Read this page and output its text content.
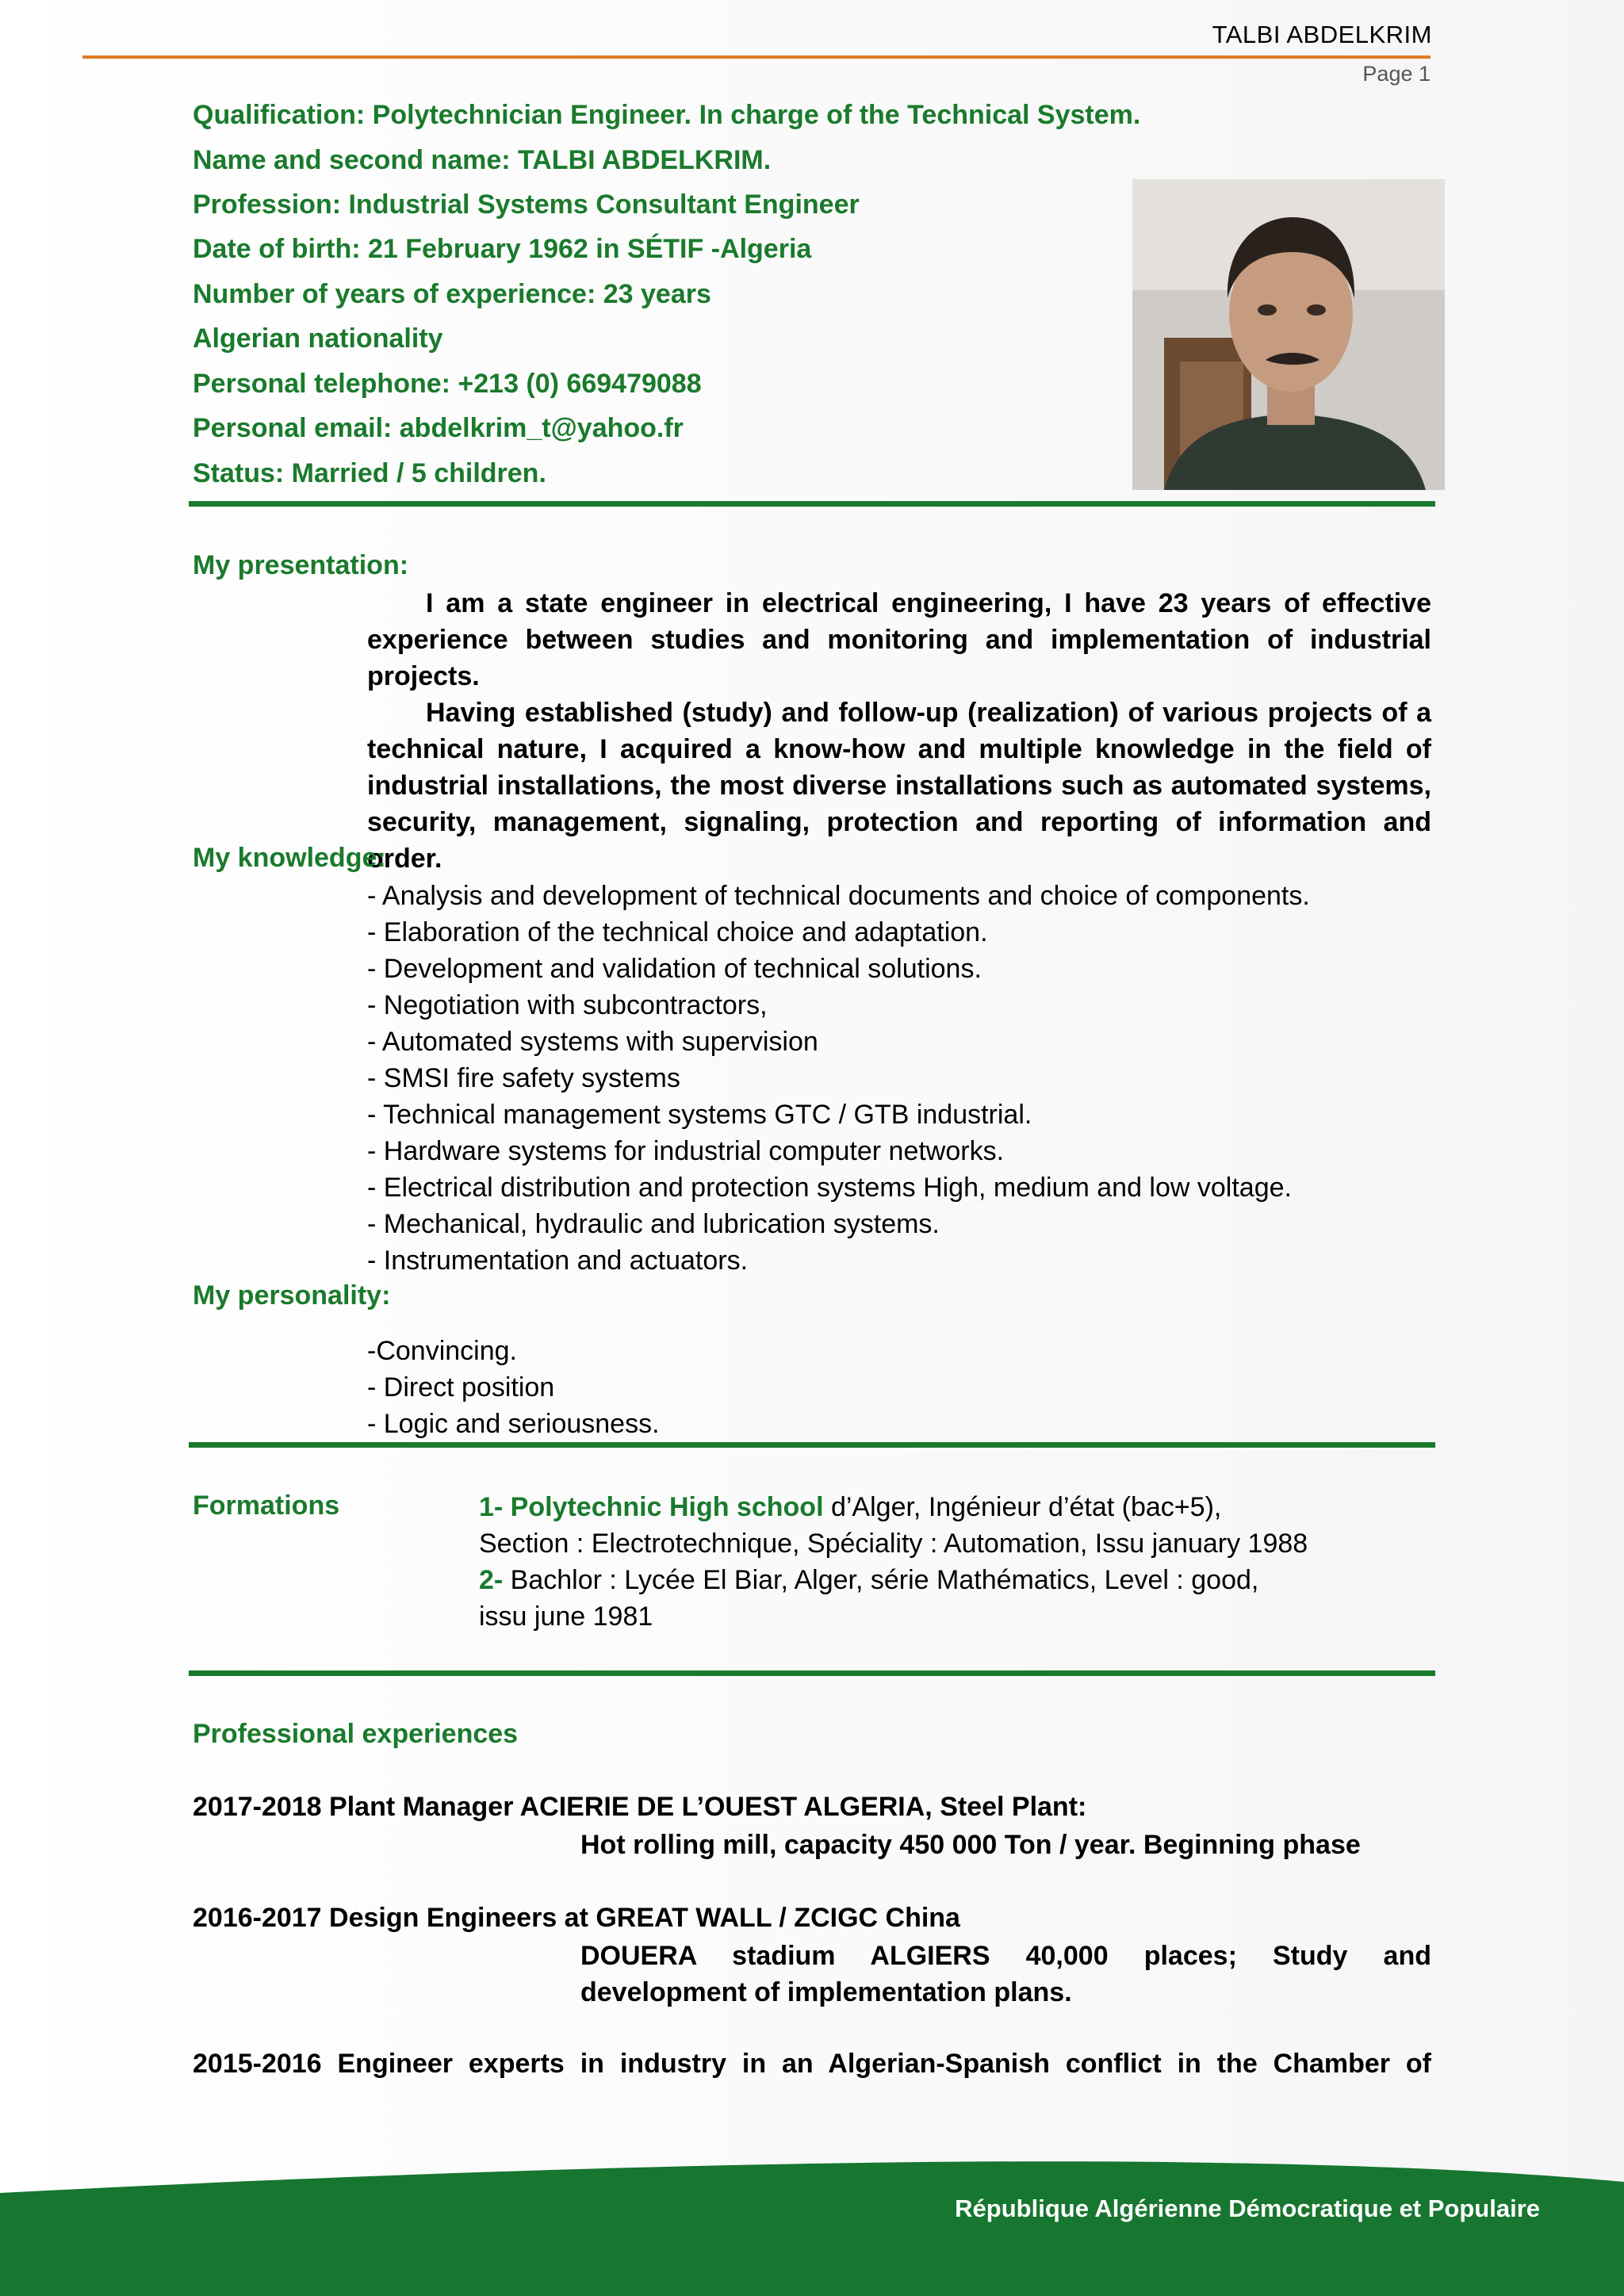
TALBI ABDELKRIM
Page 1
Qualification: Polytechnician Engineer. In charge of the Technical System.
Name and second name: TALBI ABDELKRIM.
Profession: Industrial Systems Consultant Engineer
Date of birth: 21 February 1962 in SÉTIF -Algeria
Number of years of experience: 23 years
Algerian nationality
Personal telephone: +213 (0) 669479088
Personal email: abdelkrim_t@yahoo.fr
Status: Married / 5 children.
My presentation:
I am a state engineer in electrical engineering, I have 23 years of effective experience between studies and monitoring and implementation of industrial projects.
Having established (study) and follow-up (realization) of various projects of a technical nature, I acquired a know-how and multiple knowledge in the field of industrial installations, the most diverse installations such as automated systems, security, management, signaling, protection and reporting of information and order.
My knowledge:
- Analysis and development of technical documents and choice of components.
- Elaboration of the technical choice and adaptation.
- Development and validation of technical solutions.
- Negotiation with subcontractors,
- Automated systems with supervision
- SMSI fire safety systems
- Technical management systems GTC / GTB industrial.
- Hardware systems for industrial computer networks.
- Electrical distribution and protection systems High, medium and low voltage.
- Mechanical, hydraulic and lubrication systems.
- Instrumentation and actuators.
My personality:
-Convincing.
- Direct position
- Logic and seriousness.
Formations	1- Polytechnic High school d’Alger, Ingénieur d’état (bac+5),
Section : Electrotechnique, Spéciality : Automation, Issu january 1988
2- Bachlor : Lycée El Biar, Alger, série Mathématics, Level : good,
issu june 1981
Professional experiences
2017-2018 Plant Manager ACIERIE DE L’OUEST ALGERIA, Steel Plant:
Hot rolling mill, capacity 450 000 Ton / year. Beginning phase
2016-2017 Design Engineers at GREAT WALL / ZCIGC China
DOUERA stadium ALGIERS 40,000 places; Study and development of implementation plans.
2015-2016 Engineer experts in industry in an Algerian-Spanish conflict in the Chamber of
République Algérienne Démocratique et Populaire
